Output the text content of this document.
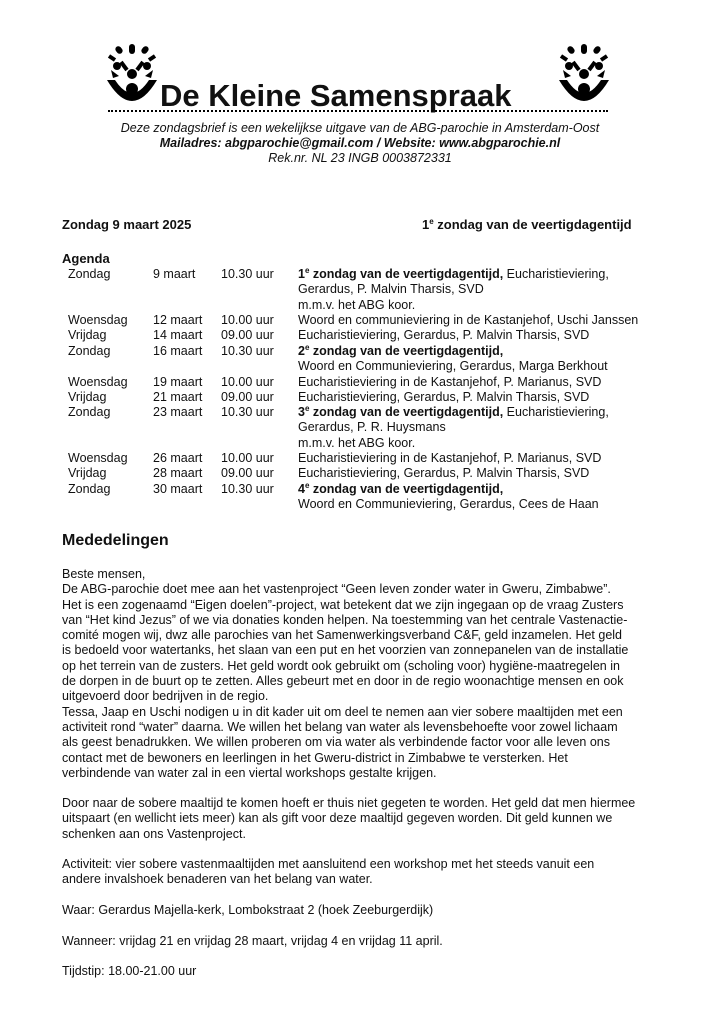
De Kleine Samenspraak
Deze zondagsbrief is een wekelijkse uitgave van de ABG-parochie in Amsterdam-Oost
Mailadres: abgparochie@gmail.com / Website: www.abgparochie.nl
Rek.nr. NL 23 INGB 0003872331
Zondag 9 maart 2025	1e zondag van de veertigdagentijd
Agenda
Zondag	9 maart 10.30 uur 1e zondag van de veertigdagentijd, Eucharistieviering,
Gerardus, P. Malvin Tharsis, SVD
m.m.v. het ABG koor.
Woensdag 12 maart 10.00 uur Woord en communieviering in de Kastanjehof, Uschi Janssen
Vrijdag	14 maart 09.00 uur Eucharistieviering, Gerardus, P. Malvin Tharsis, SVD
Zondag	16 maart 10.30 uur 2e zondag van de veertigdagentijd,
Woord en Communieviering, Gerardus, Marga Berkhout
Woensdag 19 maart 10.00 uur Eucharistieviering in de Kastanjehof, P. Marianus, SVD
Vrijdag	21 maart 09.00 uur Eucharistieviering, Gerardus, P. Malvin Tharsis, SVD
Zondag	23 maart 10.30 uur 3e zondag van de veertigdagentijd, Eucharistieviering,
Gerardus, P. R. Huysmans
m.m.v. het ABG koor.
Woensdag 26 maart 10.00 uur Eucharistieviering in de Kastanjehof, P. Marianus, SVD
Vrijdag	28 maart 09.00 uur Eucharistieviering, Gerardus, P. Malvin Tharsis, SVD
Zondag	30 maart 10.30 uur 4e zondag van de veertigdagentijd,
Woord en Communieviering, Gerardus, Cees de Haan
Mededelingen
Beste mensen,
De ABG-parochie doet mee aan het vastenproject “Geen leven zonder water in Gweru, Zimbabwe”.
Het is een zogenaamd “Eigen doelen”-project, wat betekent dat we zijn ingegaan op de vraag Zusters
van “Het kind Jezus” of we via donaties konden helpen. Na toestemming van het centrale Vastenactie-
comité mogen wij, dwz alle parochies van het Samenwerkingsverband C&F, geld inzamelen. Het geld
is bedoeld voor watertanks, het slaan van een put en het voorzien van zonnepanelen van de installatie
op het terrein van de zusters. Het geld wordt ook gebruikt om (scholing voor) hygiëne-maatregelen in
de dorpen in de buurt op te zetten. Alles gebeurt met en door in de regio woonachtige mensen en ook
uitgevoerd door bedrijven in de regio.
Tessa, Jaap en Uschi nodigen u in dit kader uit om deel te nemen aan vier sobere maaltijden met een
activiteit rond “water” daarna. We willen het belang van water als levensbehoefte voor zowel lichaam
als geest benadrukken. We willen proberen om via water als verbindende factor voor alle leven ons
contact met de bewoners en leerlingen in het Gweru-district in Zimbabwe te versterken. Het
verbindende van water zal in een viertal workshops gestalte krijgen.
Door naar de sobere maaltijd te komen hoeft er thuis niet gegeten te worden. Het geld dat men hiermee
uitspaart (en wellicht iets meer) kan als gift voor deze maaltijd gegeven worden. Dit geld kunnen we
schenken aan ons Vastenproject.
Activiteit: vier sobere vastenmaaltijden met aansluitend een workshop met het steeds vanuit een
andere invalshoek benaderen van het belang van water.
Waar: Gerardus Majella-kerk, Lombokstraat 2 (hoek Zeeburgerdijk)
Wanneer: vrijdag 21 en vrijdag 28 maart, vrijdag 4 en vrijdag 11 april.
Tijdstip: 18.00-21.00 uur
